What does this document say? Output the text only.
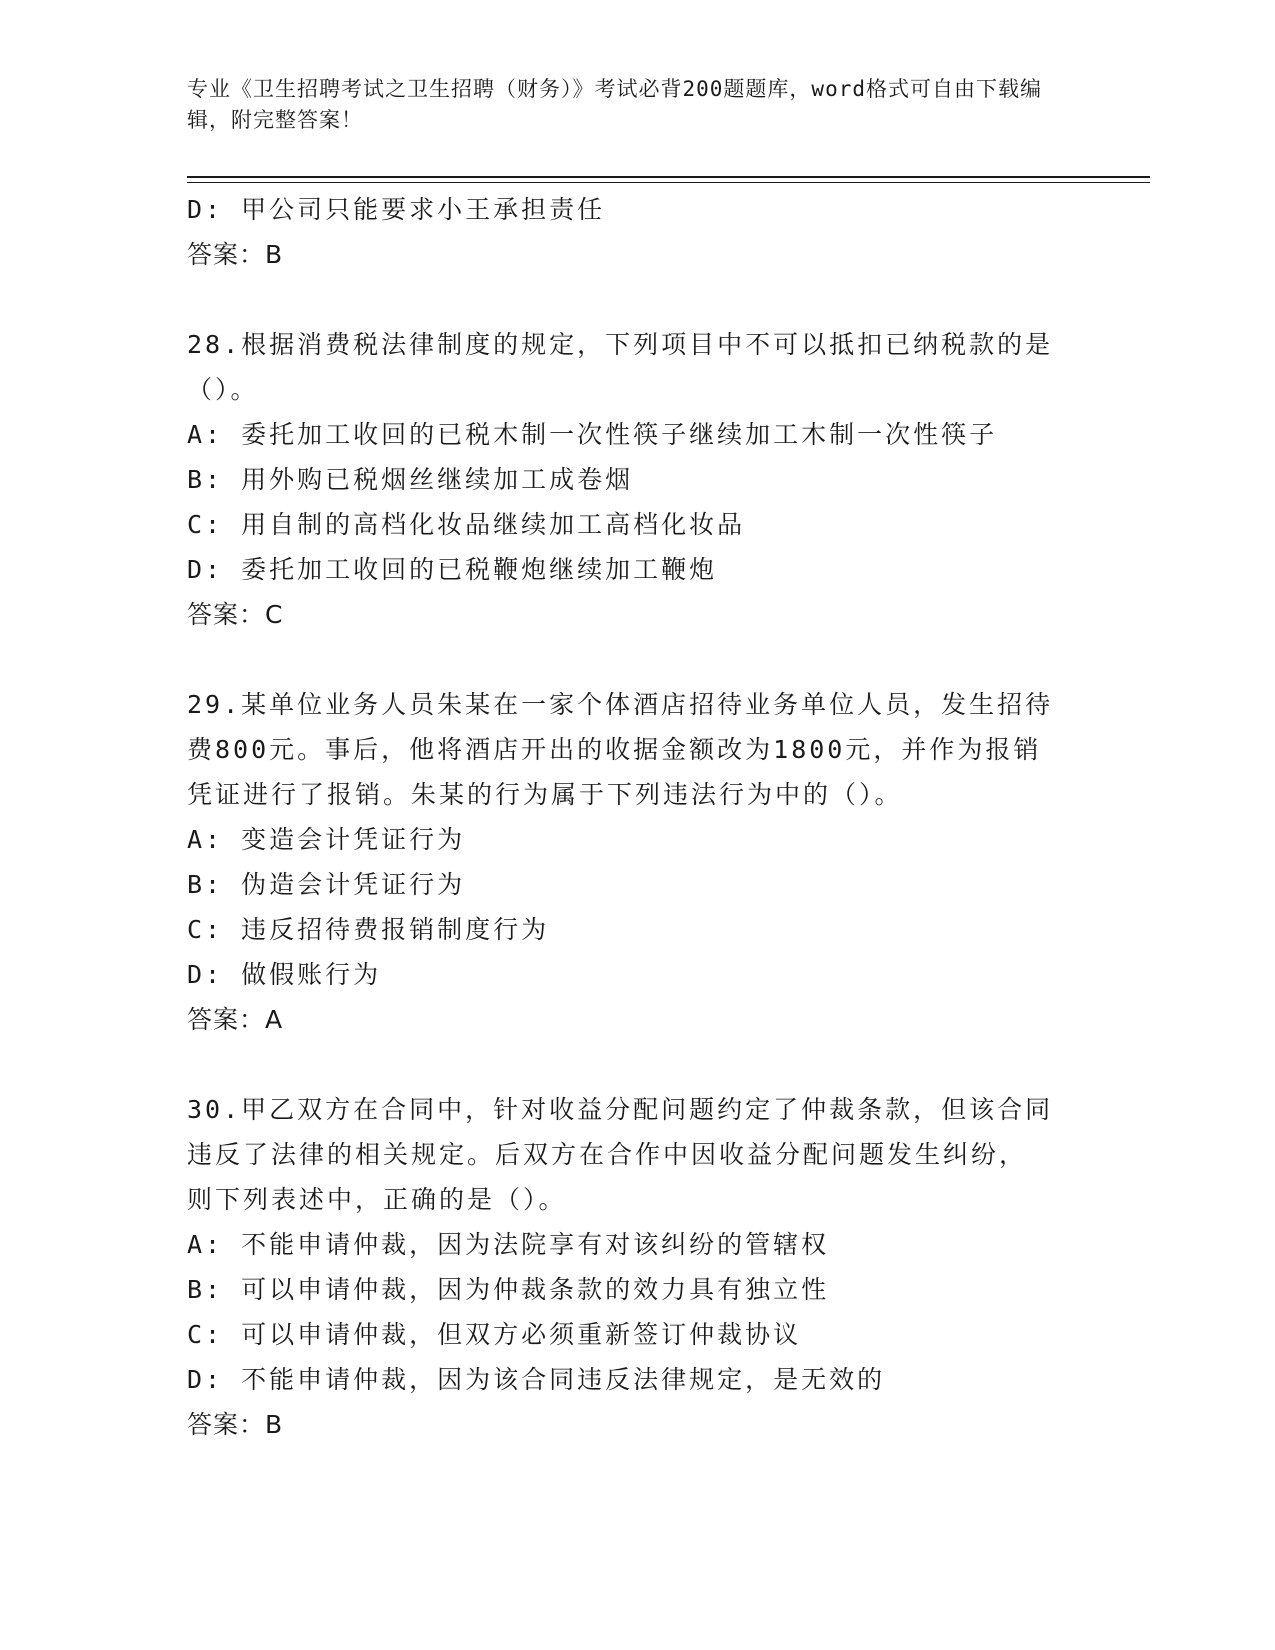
专业《卫生招聘考试之卫生招聘（财务）》考试必背200题题库，word格式可自由下载编辑，附完整答案！
D: 甲公司只能要求小王承担责任
答案：B
28.根据消费税法律制度的规定，下列项目中不可以抵扣已纳税款的是
（）。
A: 委托加工收回的已税木制一次性筷子继续加工木制一次性筷子
B: 用外购已税烟丝继续加工成卷烟
C: 用自制的高档化妆品继续加工高档化妆品
D: 委托加工收回的已税鞭炮继续加工鞭炮
答案：C
29.某单位业务人员朱某在一家个体酒店招待业务单位人员，发生招待
费800元。事后，他将酒店开出的收据金额改为1800元，并作为报销
凭证进行了报销。朱某的行为属于下列违法行为中的（）。
A: 变造会计凭证行为
B: 伪造会计凭证行为
C: 违反招待费报销制度行为
D: 做假账行为
答案：A
30.甲乙双方在合同中，针对收益分配问题约定了仲裁条款，但该合同
违反了法律的相关规定。后双方在合作中因收益分配问题发生纠纷，
则下列表述中，正确的是（）。
A: 不能申请仲裁，因为法院享有对该纠纷的管辖权
B: 可以申请仲裁，因为仲裁条款的效力具有独立性
C: 可以申请仲裁，但双方必须重新签订仲裁协议
D: 不能申请仲裁，因为该合同违反法律规定，是无效的
答案：B
